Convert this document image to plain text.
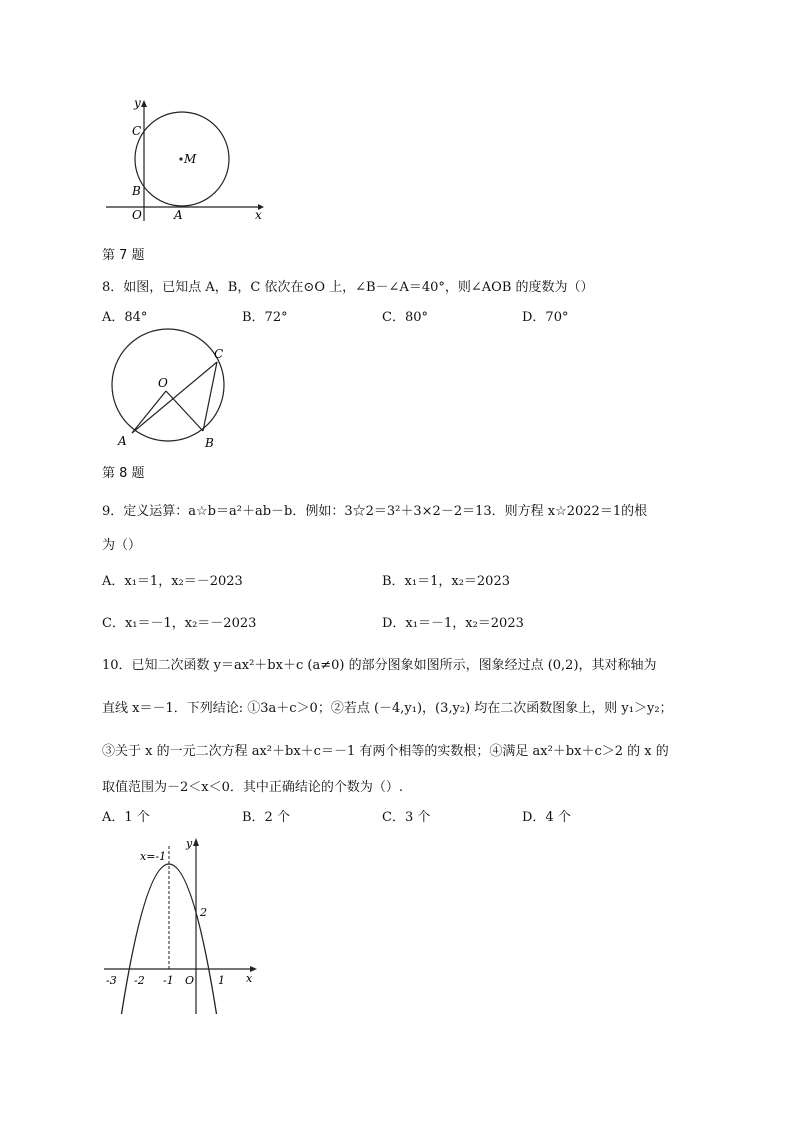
y
C
M
B
O	A	x
第 7 题
8．如图，已知点 A，B，C 依次在⊙O 上，∠B－∠A＝40°，则∠AOB 的度数为（）
A．84°	B．72°	C．80°	D．70°
O
C
A	B
第 8 题
9．定义运算：a☆b＝a²＋ab－b．例如：3☆2＝3²＋3×2－2＝13．则方程 x☆2022＝1的根
为（）
A．x₁＝1，x₂＝－2023	B．x₁＝1，x₂＝2023
C．x₁＝－1，x₂＝－2023	D．x₁＝－1，x₂＝2023
10．已知二次函数 y＝ax²＋bx＋c (a≠0) 的部分图象如图所示，图象经过点 (0,2)，其对称轴为
直线 x＝－1．下列结论: ①3a＋c＞0；②若点 (－4,y₁)，(3,y₂) 均在二次函数图象上，则 y₁＞y₂；
③关于 x 的一元二次方程 ax²＋bx＋c＝－1 有两个相等的实数根；④满足 ax²＋bx＋c＞2 的 x 的
取值范围为－2＜x＜0．其中正确结论的个数为（）.
A．1 个	B．2 个	C．3 个	D．4 个
y
x=-1
2
-3 -2 -1 O 1 x
